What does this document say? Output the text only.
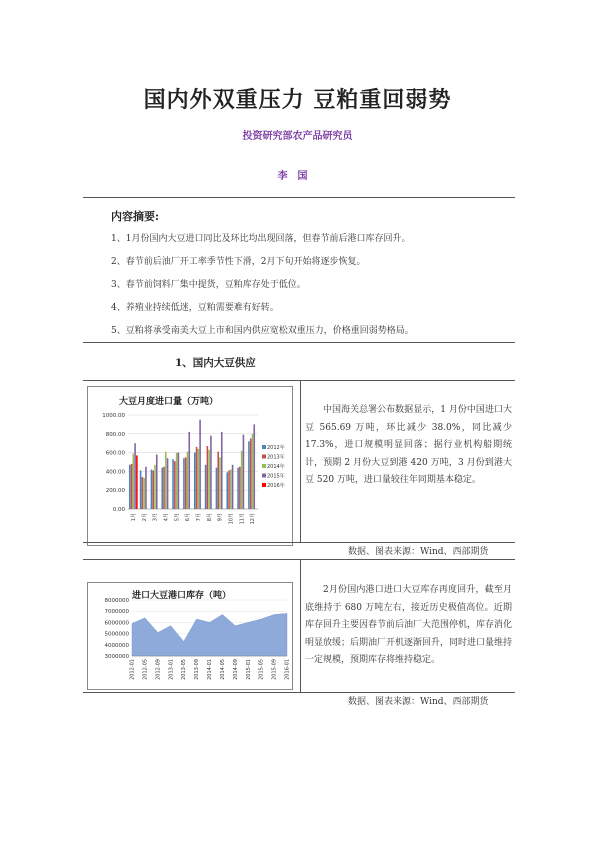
国内外双重压力 豆粕重回弱势
投资研究部农产品研究员
李国
内容摘要:
1、1月份国内大豆进口同比及环比均出现回落，但春节前后港口库存回升。
2、春节前后油厂开工率季节性下滑，2月下旬开始将逐步恢复。
3、春节前饲料厂集中提货，豆粕库存处于低位。
4、养殖业持续低迷，豆粕需要难有好转。
5、豆粕将承受南美大豆上市和国内供应宽松双重压力，价格重回弱势格局。
1、国内大豆供应
大豆月度进口量（万吨）
0.00
200.00
400.00
600.00
800.00
1000.00
1月 2月 3月 4月 5月 6月 7月 8月 9月 10月 11月 12月
2012年
2013年
2014年
2015年
2016年
中国海关总署公布数据显示，1 月份中国进口大豆 565.69 万吨，环比减少 38.0%，同比减少 17.3%，进口规模明显回落；据行业机构船期统计，预期 2 月份大豆到港 420 万吨，3 月份到港大豆 520 万吨，进口量较往年同期基本稳定。
数据、图表来源：Wind、西部期货
进口大豆港口库存（吨）
3000000
4000000
5000000
6000000
7000000
8000000
2012-01 2012-05 2012-09 2013-01 2013-05 2013-09 2014-01 2014-05 2014-09 2015-01 2015-05 2015-09 2016-01
2月份国内港口进口大豆库存再度回升，截至月底维持于 680 万吨左右，接近历史极值高位。近期库存回升主要因春节前后油厂大范围停机，库存消化明显放缓；后期油厂开机逐渐回升，同时进口量维持一定规模，预期库存将维持稳定。
数据、图表来源：Wind、西部期货
